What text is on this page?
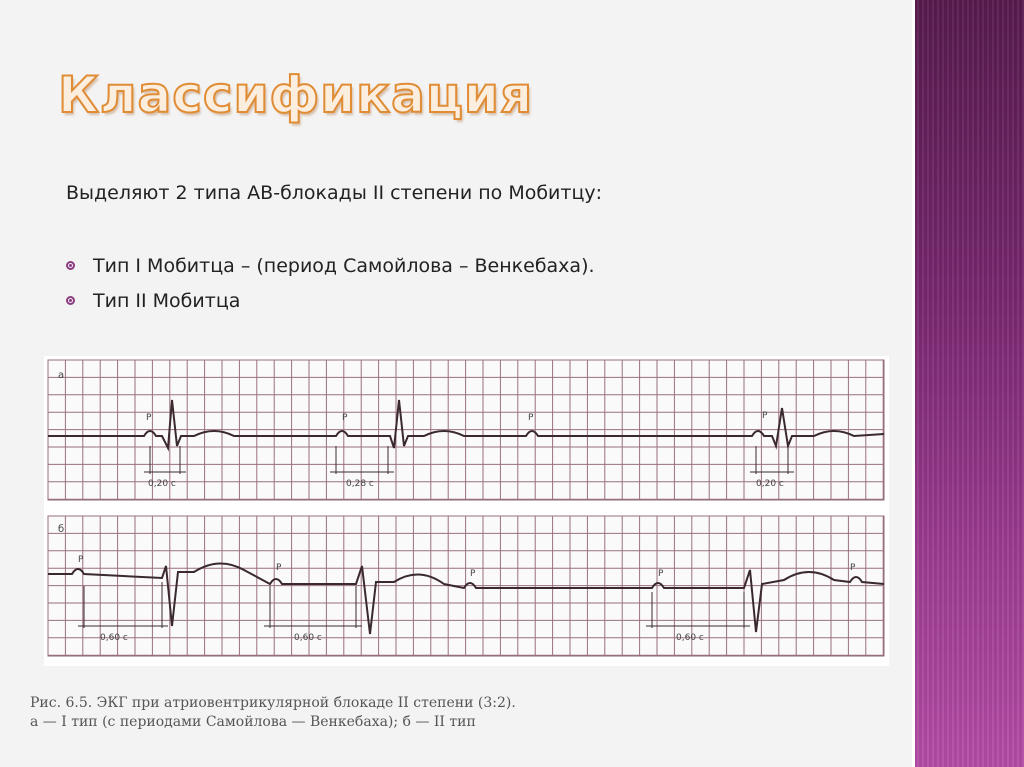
Классификация
Выделяют 2 типа АВ-блокады II степени по Мобитцу:
Тип I Мобитца – (период Самойлова – Венкебаха).
Тип II Мобитца
а
P	P	P	P
0,20 с	0,28 с	0,20 с
б
P
P
P	P
P
0,60 с	0,60 с	0,60 с
Рис. 6.5. ЭКГ при атриовентрикулярной блокаде II степени (3:2).
а — I тип (с периодами Самойлова — Венкебаха); б — II тип
